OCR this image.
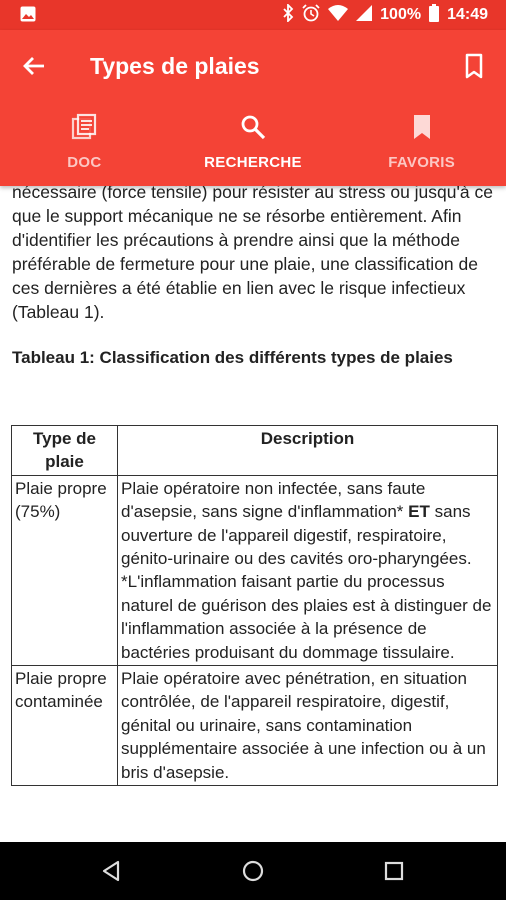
100% 14:49
Types de plaies
DOC	RECHERCHE	FAVORIS

nécessaire (force tensile) pour résister au stress ou jusqu'à ce que le support mécanique ne se résorbe entièrement. Afin d'identifier les précautions à prendre ainsi que la méthode préférable de fermeture pour une plaie, une classification de ces dernières a été établie en lien avec le risque infectieux (Tableau 1).

Tableau 1: Classification des différents types de plaies

Type de plaie	Description
Plaie propre (75%)	Plaie opératoire non infectée, sans faute d'asepsie, sans signe d'inflammation* ET sans ouverture de l'appareil digestif, respiratoire, génito-urinaire ou des cavités oro-pharyngées. *L'inflammation faisant partie du processus naturel de guérison des plaies est à distinguer de l'inflammation associée à la présence de bactéries produisant du dommage tissulaire.
Plaie propre contaminée	Plaie opératoire avec pénétration, en situation contrôlée, de l'appareil respiratoire, digestif, génital ou urinaire, sans contamination supplémentaire associée à une infection ou à un bris d'asepsie.
